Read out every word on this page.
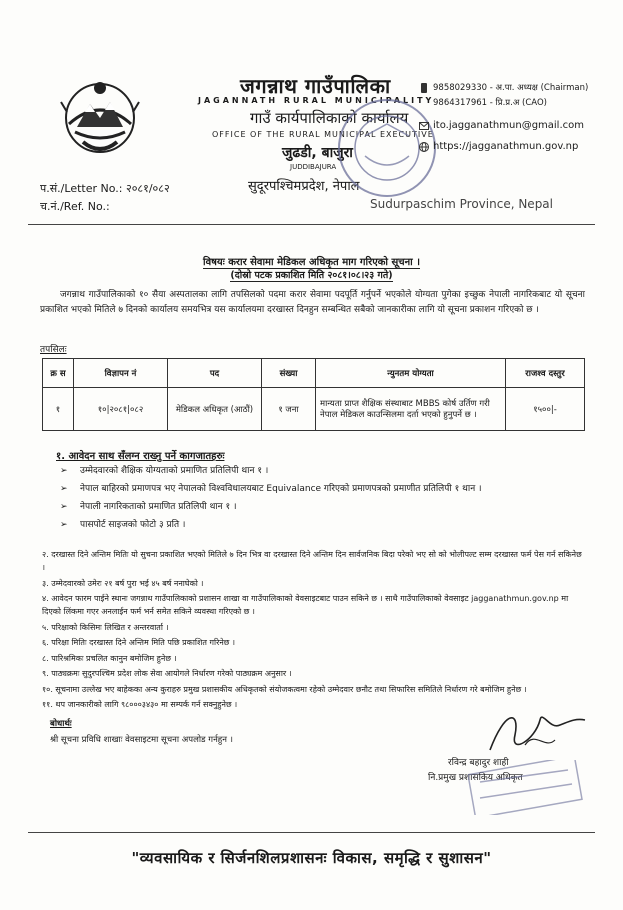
जगन्नाथ गाउँपालिका
JAGANNATH RURAL MUNICIPALITY
गाउँ कार्यपालिकाको कार्यालय
OFFICE OF THE RURAL MUNICIPAL EXECUTIVE
जुढडी, बाजुरा
JUDDIBAJURA
सुदूरपश्चिमप्रदेश, नेपाल
9858029330 - अ.पा. अध्यक्ष (Chairman)
9864317961 - प्रि.प्र.अ (CAO)
ito.jagganathmun@gmail.com
https://jagganathmun.gov.np
Sudurpaschim Province, Nepal
प.सं./Letter No.: २०८१/०८२
च.नं./Ref. No.:
विषयः करार सेवामा मेडिकल अधिकृत माग गरिएको सूचना ।
(दोस्रो पटक प्रकाशित मिति २०८१।०८।२३ गते)
जगन्नाथ गाउँपालिकाको १० सैया अस्पतालका लागि तपसिलको पदमा करार सेवामा पदपूर्ति गर्नुपर्ने भएकोले योग्यता पुगेका इच्छुक नेपाली नागरिकबाट यो सूचना प्रकाशित भएको मितिले ७ दिनको कार्यालय समयभित्र यस कार्यालयमा दरखास्त दिनहुन सम्बन्धित सबैको जानकारीका लागि यो सूचना प्रकाशन गरिएको छ ।
तपसिलः
क्र स	विज्ञापन नं	पद	संख्या	न्युनतम योग्यता	राजश्व दस्तुर
१	१०|२०८१|०८२	मेडिकल अधिकृत (आठौं)	१ जना	मान्यता प्राप्त शैक्षिक संस्थाबाट MBBS कोर्ष उर्तिण गरी नेपाल मेडिकल काउन्सिलमा दर्ता भएको हुनुपर्ने छ ।	१५००|-
१. आवेदन साथ सँलग्न राख्नु पर्ने कागजातहरुः
➢ उम्मेदवारको शैक्षिक योग्यताको प्रमाणित प्रतिलिपी थान १ ।
➢ नेपाल बाहिरको प्रमाणपत्र भए नेपालको विश्वविधालयबाट Equivalance गरिएको प्रमाणपत्रको प्रमाणीत प्रतिलिपी १ थान ।
➢ नेपाली नागरिकताको प्रमाणित प्रतिलिपी थान १ ।
➢ पासपोर्ट साइजको फोटो ३ प्रति ।
२. दरखास्त दिने अन्तिम मितिः यो सुचना प्रकाशित भएको मितिले ७ दिन भित्र वा दरखास्त दिने अन्तिम दिन सार्वजनिक बिदा परेको भए सो को भोलीपल्ट सम्म दरखास्त फर्म पेस गर्न सकिनेछ ।
३. उम्मेदवारको उमेरः २१ बर्ष पुरा भई ४५ बर्ष ननाघेको ।
४. आवेदन फारम पाईने स्थानः जगन्नाथ गाउँपालिकाको प्रशासन शाखा वा गाउँपालिकाको वेवसाइटबाट पाउन सकिने छ । साथै गाउँपालिकाको वेवसाइट jagganathmun.gov.np मा दिएको लिंकमा गएर अनलाईन फर्म भर्न समेत सकिने व्यवस्था गरिएको छ ।
५. परिक्षाको किसिमः लिखित र अन्तरवार्ता ।
६. परिक्षा मितिः दरखास्त दिने अन्तिम मिति पछि प्रकाशित गरिनेछ ।
८. पारिश्रमिकः प्रचलित कानुन बमोजिम हुनेछ ।
९. पाठ्यक्रमः सुदुरपश्चिम प्रदेश लोक सेवा आयोगले निर्धारण गरेको पाठ्यक्रम अनुसार ।
१०. सूचनामा उल्लेख भए बाहेकका अन्य कुराहरु प्रमुख प्रशासकीय अधिकृतको संयोजकत्वमा रहेको उम्मेदवार छनौट तथा सिफारिस समितिले निर्धारण गरे बमोजिम हुनेछ ।
११. थप जानकारीको लागि ९८०००३४३० मा सम्पर्क गर्न सक्नुहुनेछ ।
बोधार्थः
श्री सूचना प्रविधि शाखाः वेवसाइटमा सूचना अपलोड गर्नहुन ।
रविन्द्र बहादुर शाही
नि.प्रमुख प्रशासकिय अधिकृत
"व्यवसायिक र सिर्जनशिलप्रशासनः विकास, समृद्धि र सुशासन"
